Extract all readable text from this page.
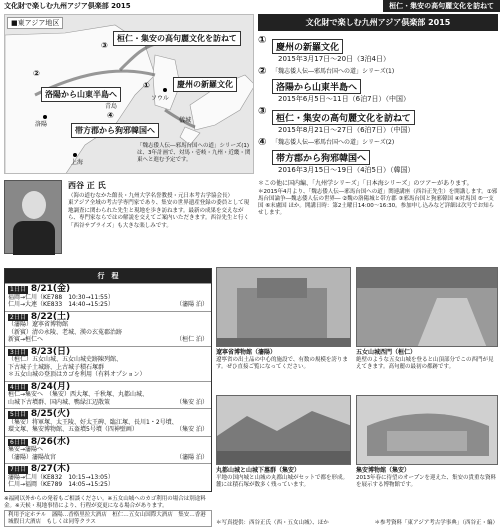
文化財で楽しむ九州アジア倶楽部 2015	桓仁・集安の高句麗文化を訪ねて
■東アジア地区
③
桓仁・集安の高句麗文化を訪ねて
①	慶州の新羅文化
②
洛陽から山東半島へ
④
帯方郡から狗邪韓国へ
ソウル
儀城
青島
洛陽
上海
「魏志倭人伝―邪馬台国への道」シリーズ(1)は、3年計画で、対馬・壱岐・九州・近畿・関東へと進む予定です。
文化財で楽しむ九州アジア倶楽部 2015
①
慶州の新羅文化
2015年3月17日〜20日（3泊4日）
② 「魏志倭人伝―邪馬台国への道」シリーズ(1)
洛陽から山東半島へ
2015年6月5日〜11日（6泊7日）（中国）
③
桓仁・集安の高句麗文化を訪ねて
2015年8月21日〜27日（6泊7日）（中国）
④ 「魏志倭人伝―邪馬台国への道」シリーズ(2)
帯方郡から狗邪韓国へ
2016年3月15日〜19日（4泊5日）（韓国）
＊この他に国内編、「九州学シリーズ」「日本海シリーズ」のツアーがあります。
＊2015年4月より、「魏志倭人伝―邪馬台国への道」関連講座（西谷正先生）を開講します。①邪馬台国論争―魏志倭人伝の世界― ②魏の洛陽城と帯方郡 ③邪馬台国と狗邪韓国 ④対馬国 ⑤一支国 ⑥末盧国 ほか。開講日時：第2土曜日14:00〜16:30。参加申し込みなど詳細は次号でお知らせします。
西谷 正 氏
（海の道むなかた館長・九州大学名誉教授・元日本考古学協会長）
東アジア全域の考古学専門家であり、集安の世界遺産登録の委員として現地調査に関わられた先生と現地を歩き訪ねます。最新の成果を交えながら、専門家ならではの解説を交えてご案内いただきます。西谷先生と行く「西谷サプライズ」も大きな楽しみです。
行　程
1日目 8/21(金)
福岡→仁川（KE788　10:30→11:55）
仁川→大連（KE833　14:40→15:25）	（瀋陽 泊）
2日目 8/22(土)
（瀋陽）遼寧省博物館
（新賓）清の永陵、老城、漢の玄菟郡治跡
新賓→桓仁へ	（桓仁 泊）
3日目 8/23(日)
（桓仁）五女山城、五女山城史跡陳列館、
下古城子土城跡、上古城子積石塚群
＊五女山城の登頂はカゴを利用（有料オプション）
4日目 8/24(月)
桓仁→集安へ　（集安）西大塚、千秋塚、丸都山城、
山城下古墳群、国内城、鴨緑江辺散策	（集安 泊）
5日目 8/25(火)
（集安）将軍塚、太王陵、好太王碑、臨江塚、長川1・2号墳、
環文塚、集安博物館、五盔墳5号墳（四神壁画）	（集安 泊）
6日目 8/26(水)
集安→瀋陽へ
（瀋陽）瀋陽故宮	（瀋陽 泊）
7日目 8/27(木)
瀋陽→仁川（KE832　10:15→13:05）
仁川→福岡（KE789　14:05→15:25）
※福岡以外からの発着もご相談ください。※五女山城へのカゴ利用の場合は別途料金。※天候・現地事情により、行程が変更になる場合があります。
利用予定ホテル　瀋陽…香格里拉大酒店　桓仁…五女山国際大酒店　集安…香港城假日大酒店　もしくは同等クラス
遼寧省博物館（瀋陽）
遼寧省の出土品の中心的施設で、有数の規模を誇ります。ぜひ直接ご覧になってください。
五女山城西門（桓仁）
絶壁のような五女山城を登ると山頂部分でこの西門が見えてきます。高句麗の最初の都跡です。
丸都山城と山城下墓群（集安）
平地の国内城と山城の丸都山城がセットで都を形成。麓には積石塚が数多く残っています。
集安博物館（集安）
2013年春に待望のオープンを迎えた、集安の貴重な資料を展示する博物館です。
＊写真提供：西谷正氏（西・五女山城）、ほか	＊参考資料「東アジア考古学事典」（西谷正・編）
